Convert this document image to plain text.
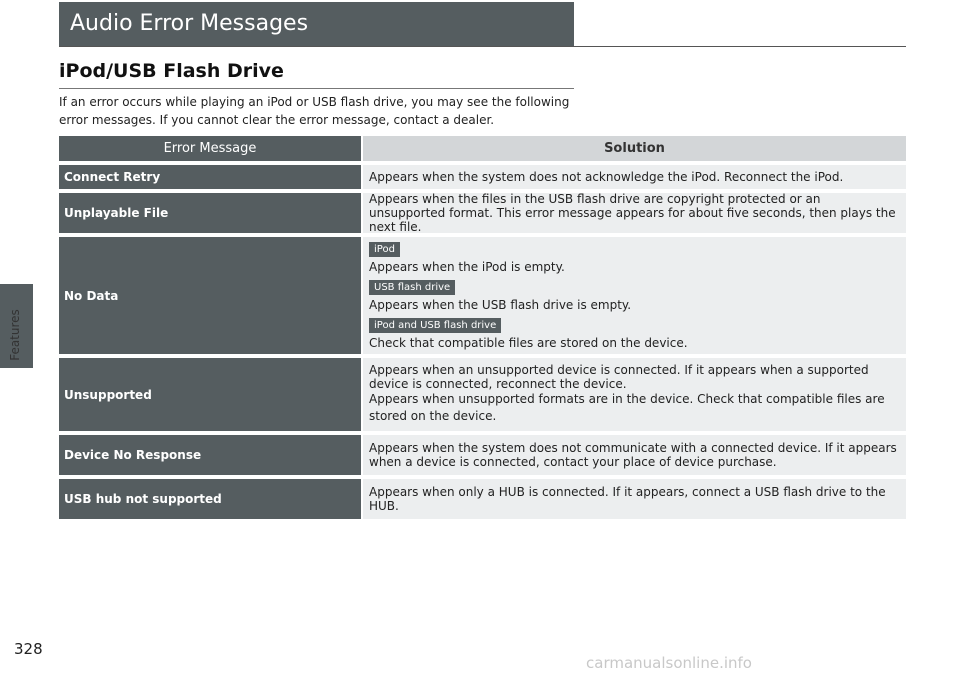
Features
Audio Error Messages
iPod/USB Flash Drive
If an error occurs while playing an iPod or USB flash drive, you may see the following error messages. If you cannot clear the error message, contact a dealer.
Error Message	Solution
Connect Retry	Appears when the system does not acknowledge the iPod. Reconnect the iPod.
Unplayable File
Appears when the files in the USB flash drive are copyright protected or an unsupported format. This error message appears for about five seconds, then plays the next file.
No Data
iPod
Appears when the iPod is empty.
USB flash drive
Appears when the USB flash drive is empty.
iPod and USB flash drive
Check that compatible files are stored on the device.
Unsupported
Appears when an unsupported device is connected. If it appears when a supported device is connected, reconnect the device.
Appears when unsupported formats are in the device. Check that compatible files are stored on the device.
Device No Response
Appears when the system does not communicate with a connected device. If it appears when a device is connected, contact your place of device purchase.
USB hub not supported
Appears when only a HUB is connected. If it appears, connect a USB flash drive to the HUB.
328
carmanualsonline.info
